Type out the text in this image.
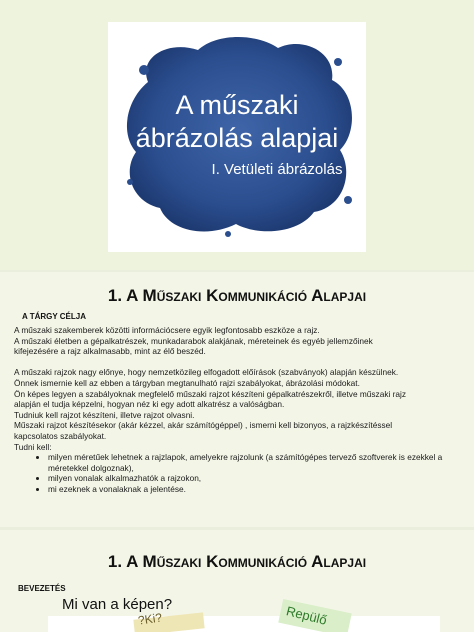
A műszaki
ábrázolás alapjai
I. Vetületi ábrázolás
1. A Műszaki Kommunikáció Alapjai
A TÁRGY CÉLJA

A műszaki szakemberek közötti információcsere egyik legfontosabb eszköze a rajz.

A műszaki életben a gépalkatrészek, munkadarabok alakjának, méreteinek és egyéb jellemzőinek

kifejezésére a rajz alkalmasabb, mint az élő beszéd.

A műszaki rajzok nagy előnye, hogy nemzetközileg elfogadott előírások (szabványok) alapján készülnek.

Önnek ismernie kell az ebben a tárgyban megtanulható rajzi szabályokat, ábrázolási módokat.

Ön képes legyen a szabályoknak megfelelő műszaki rajzot készíteni gépalkatrészekről, illetve műszaki rajz

alapján el tudja képzelni, hogyan néz ki egy adott alkatrész a valóságban.

Tudniuk kell rajzot készíteni, illetve rajzot olvasni.

Műszaki rajzot készítésekor (akár kézzel, akár számítógéppel) , ismerni kell bizonyos, a rajzkészítéssel

kapcsolatos szabályokat.

Tudni kell:

• milyen méretűek lehetnek a rajzlapok, amelyekre rajzolunk (a számítógépes tervező szoftverek is ezekkel a méretekkel dolgoznak),
• milyen vonalak alkalmazhatók a rajzokon,
• mi ezeknek a vonalaknak a jelentése.
1. A Műszaki Kommunikáció Alapjai
BEVEZETÉS
Mi van a képen?
?Ki?	Repülő
